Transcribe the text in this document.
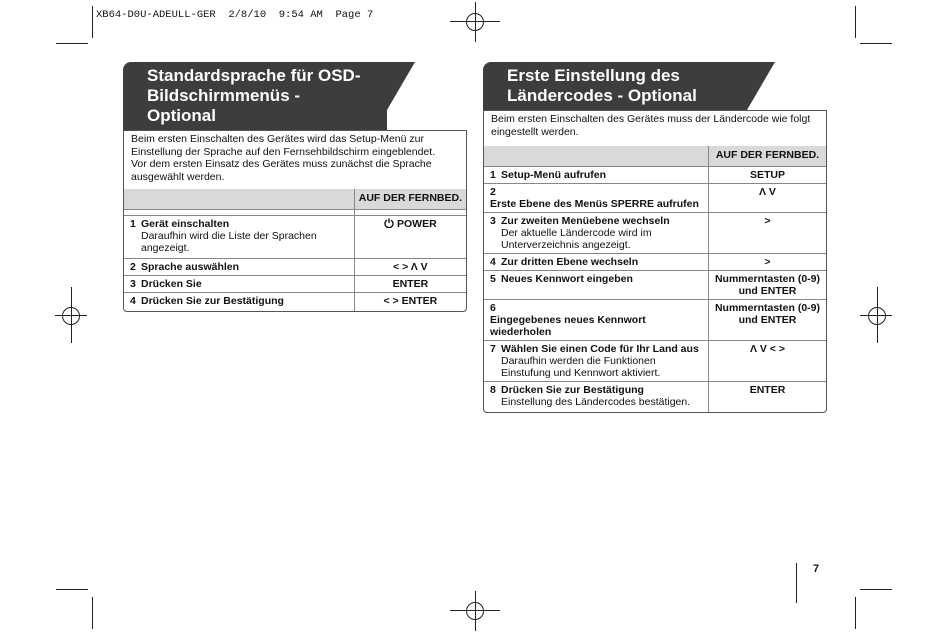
XB64-D0U-ADEULL-GER  2/8/10  9:54 AM  Page 7
Standardsprache für OSD-
Bildschirmmenüs - Optional
Beim ersten Einschalten des Gerätes wird das Setup-Menü zur
Einstellung der Sprache auf den Fernsehbildschirm eingeblendet.
Vor dem ersten Einsatz des Gerätes muss zunächst die Sprache
ausgewählt werden.
	AUF DER FERNBED.

1 Gerät einschalten
Daraufhin wird die Liste der Sprachen
angezeigt.	POWER
2 Sprache auswählen	< > Λ V
3 Drücken Sie	ENTER
4 Drücken Sie zur Bestätigung	< > ENTER
Erste Einstellung des
Ländercodes - Optional
Beim ersten Einschalten des Gerätes muss der Ländercode wie folgt
eingestellt werden.
	AUF DER FERNBED.
1 Setup-Menü aufrufen	SETUP
2Erste Ebene des Menüs SPERRE aufrufen	Λ V
3 Zur zweiten Menüebene wechseln
Der aktuelle Ländercode wird im
Unterverzeichnis angezeigt.	>
4 Zur dritten Ebene wechseln	>
5 Neues Kennwort eingeben	Nummerntasten (0-9)
und ENTER

6Eingegebenes neues Kennwort wiederholen	Nummerntasten (0-9)
und ENTER

7 Wählen Sie einen Code für Ihr Land aus
Daraufhin werden die Funktionen
Einstufung und Kennwort aktiviert.	Λ V < >
8 Drücken Sie zur Bestätigung
Einstellung des Ländercodes bestätigen.	ENTER
7
